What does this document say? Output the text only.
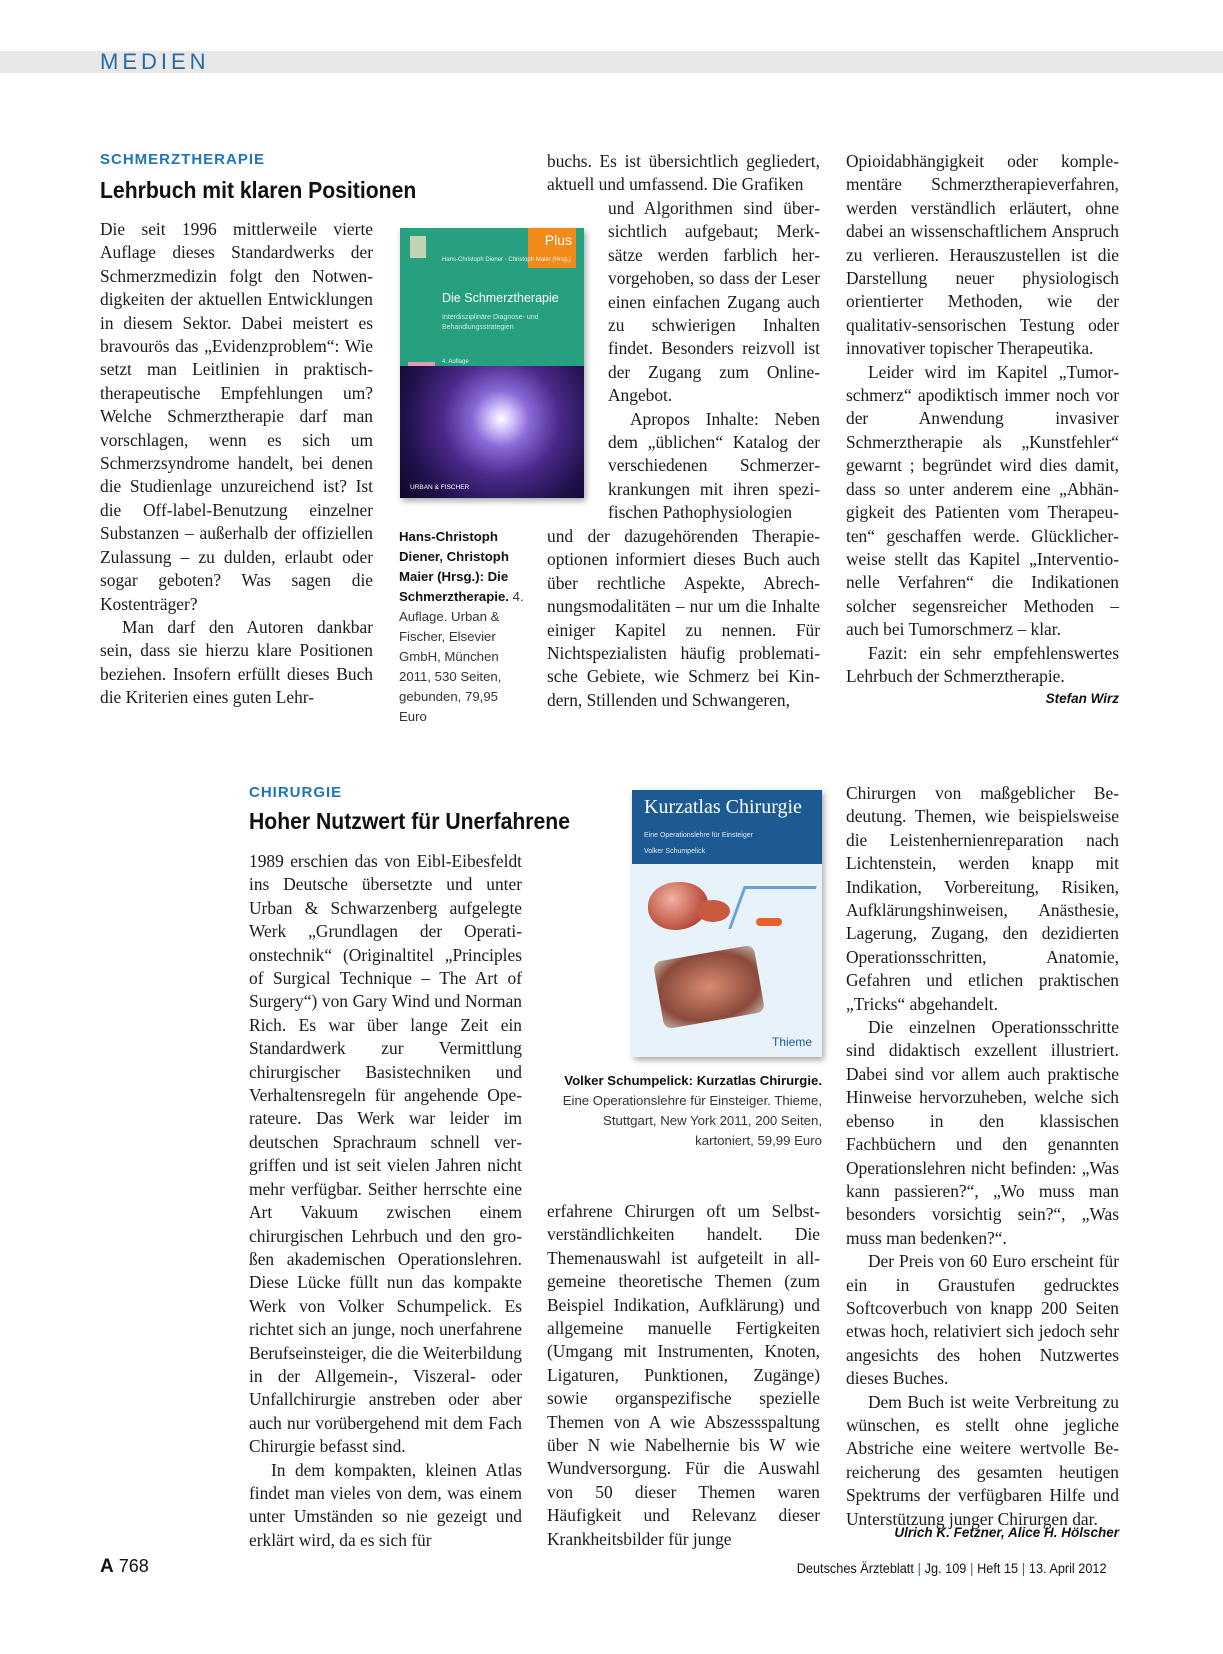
MEDIEN
SCHMERZTHERAPIE
Lehrbuch mit klaren Positionen

Die seit 1996 mittlerweile vierte Auflage dieses Standardwerks der Schmerzmedizin folgt den Notwendigkeiten der aktuellen Entwicklungen in diesem Sektor. Dabei meistert es bravourös das „Evidenzproblem“: Wie setzt man Leitlinien in praktisch-therapeutische Empfehlungen um? Welche Schmerztherapie darf man vorschlagen, wenn es sich um Schmerzsyndrome handelt, bei denen die Studienlage unzureichend ist? Ist die Off-label-Benutzung einzelner Substanzen – außerhalb der offiziellen Zulassung – zu dulden, erlaubt oder sogar geboten? Was sagen die Kostenträger?

Man darf den Autoren dankbar sein, dass sie hierzu klare Positionen beziehen. Insofern erfüllt dieses Buch die Kriterien eines guten Lehr-

Plus
Hans-Christoph Diener · Christoph Maier (Hrsg.)
Die Schmerztherapie
Interdisziplinäre Diagnose- und Behandlungsstrategien
4. Auflage
URBAN & FISCHER
Hans-Christoph Diener, Christoph Maier (Hrsg.): Die Schmerztherapie. 4. Auflage. Urban & Fischer, Elsevier GmbH, München 2011, 530 Seiten, gebunden, 79,95 Euro
buchs. Es ist übersichtlich gegliedert, aktuell und umfassend. Die Grafiken

und Algorithmen sind übersichtlich aufgebaut; Merksätze werden farblich hervorgehoben, so dass der Leser einen einfachen Zugang auch zu schwierigen Inhalten findet. Besonders reizvoll ist der Zugang zum Online-Angebot.

Apropos Inhalte: Neben dem „üblichen“ Katalog der verschiedenen Schmerzerkrankungen mit ihren spezifischen Pathophysiologien

und der dazugehörenden Therapieoptionen informiert dieses Buch auch über rechtliche Aspekte, Abrechnungsmodalitäten – nur um die Inhalte einiger Kapitel zu nennen. Für Nichtspezialisten häufig problematische Gebiete, wie Schmerz bei Kindern, Stillenden und Schwangeren,

Opioidabhängigkeit oder komplementäre Schmerztherapieverfahren, werden verständlich erläutert, ohne dabei an wissenschaftlichem Anspruch zu verlieren. Herauszustellen ist die Darstellung neuer physiologisch orientierter Methoden, wie der qualitativ-sensorischen Testung oder innovativer topischer Therapeutika.

Leider wird im Kapitel „Tumorschmerz“ apodiktisch immer noch vor der Anwendung invasiver Schmerztherapie als „Kunstfehler“ gewarnt ; begründet wird dies damit, dass so unter anderem eine „Abhängigkeit des Patienten vom Therapeuten“ geschaffen werde. Glücklicherweise stellt das Kapitel „Interventionelle Verfahren“ die Indikationen solcher segensreicher Methoden – auch bei Tumorschmerz – klar.

Fazit: ein sehr empfehlenswertes Lehrbuch der Schmerztherapie.

Stefan Wirz
CHIRURGIE
Hoher Nutzwert für Unerfahrene

1989 erschien das von Eibl-Eibesfeldt ins Deutsche übersetzte und unter Urban & Schwarzenberg aufgelegte Werk „Grundlagen der Operationstechnik“ (Originaltitel „Principles of Surgical Technique – The Art of Surgery“) von Gary Wind und Norman Rich. Es war über lange Zeit ein Standardwerk zur Vermittlung chirurgischer Basistechniken und Verhaltensregeln für angehende Operateure. Das Werk war leider im deutschen Sprachraum schnell vergriffen und ist seit vielen Jahren nicht mehr verfügbar. Seither herrschte eine Art Vakuum zwischen einem chirurgischen Lehrbuch und den großen akademischen Operationslehren. Diese Lücke füllt nun das kompakte Werk von Volker Schumpelick. Es richtet sich an junge, noch unerfahrene Berufseinsteiger, die die Weiterbildung in der Allgemein-, Viszeral- oder Unfallchirurgie anstreben oder aber auch nur vorübergehend mit dem Fach Chirurgie befasst sind.

In dem kompakten, kleinen Atlas findet man vieles von dem, was einem unter Umständen so nie gezeigt und erklärt wird, da es sich für

Kurzatlas Chirurgie
Eine Operationslehre für Einsteiger
Volker Schumpelick
Thieme
Volker Schumpelick: Kurzatlas Chirurgie. Eine Operationslehre für Einsteiger. Thieme, Stuttgart, New York 2011, 200 Seiten, kartoniert, 59,99 Euro
erfahrene Chirurgen oft um Selbstverständlichkeiten handelt. Die Themenauswahl ist aufgeteilt in allgemeine theoretische Themen (zum Beispiel Indikation, Aufklärung) und allgemeine manuelle Fertigkeiten (Umgang mit Instrumenten, Knoten, Ligaturen, Punktionen, Zugänge) sowie organspezifische spezielle Themen von A wie Abszessspaltung über N wie Nabelhernie bis W wie Wundversorgung. Für die Auswahl von 50 dieser Themen waren Häufigkeit und Relevanz dieser Krankheitsbilder für junge

Chirurgen von maßgeblicher Bedeutung. Themen, wie beispielsweise die Leistenhernienreparation nach Lichtenstein, werden knapp mit Indikation, Vorbereitung, Risiken, Aufklärungshinweisen, Anästhesie, Lagerung, Zugang, den dezidierten Operationsschritten, Anatomie, Gefahren und etlichen praktischen „Tricks“ abgehandelt.

Die einzelnen Operationsschritte sind didaktisch exzellent illustriert. Dabei sind vor allem auch praktische Hinweise hervorzuheben, welche sich ebenso in den klassischen Fachbüchern und den genannten Operationslehren nicht befinden: „Was kann passieren?“, „Wo muss man besonders vorsichtig sein?“, „Was muss man bedenken?“.

Der Preis von 60 Euro erscheint für ein in Graustufen gedrucktes Softcoverbuch von knapp 200 Seiten etwas hoch, relativiert sich jedoch sehr angesichts des hohen Nutzwertes dieses Buches.

Dem Buch ist weite Verbreitung zu wünschen, es stellt ohne jegliche Abstriche eine weitere wertvolle Bereicherung des gesamten heutigen Spektrums der verfügbaren Hilfe und Unterstützung junger Chirurgen dar.

Ulrich K. Fetzner, Alice H. Hölscher
A 768	Deutsches Ärzteblatt | Jg. 109 | Heft 15 | 13. April 2012
